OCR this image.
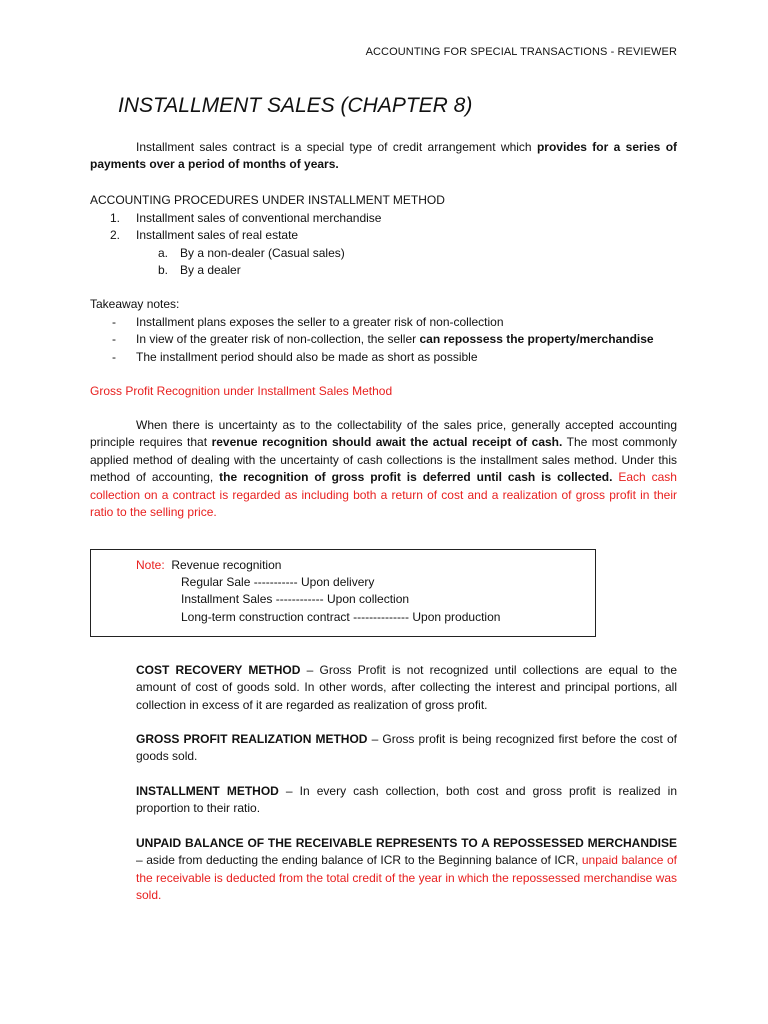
ACCOUNTING FOR SPECIAL TRANSACTIONS - REVIEWER
INSTALLMENT SALES (CHAPTER 8)

Installment sales contract is a special type of credit arrangement which provides for a series of payments over a period of months of years.

ACCOUNTING PROCEDURES UNDER INSTALLMENT METHOD
1. Installment sales of conventional merchandise
2. Installment sales of real estate
a. By a non-dealer (Casual sales)
b. By a dealer
Takeaway notes:
- Installment plans exposes the seller to a greater risk of non-collection
- In view of the greater risk of non-collection, the seller can repossess the property/merchandise
- The installment period should also be made as short as possible
Gross Profit Recognition under Installment Sales Method

When there is uncertainty as to the collectability of the sales price, generally accepted accounting principle requires that revenue recognition should await the actual receipt of cash. The most commonly applied method of dealing with the uncertainty of cash collections is the installment sales method. Under this method of accounting, the recognition of gross profit is deferred until cash is collected. Each cash collection on a contract is regarded as including both a return of cost and a realization of gross profit in their ratio to the selling price.

Note: Revenue recognition
Regular Sale ----------- Upon delivery
Installment Sales ------------ Upon collection
Long-term construction contract -------------- Upon production

COST RECOVERY METHOD – Gross Profit is not recognized until collections are equal to the amount of cost of goods sold. In other words, after collecting the interest and principal portions, all collection in excess of it are regarded as realization of gross profit.

GROSS PROFIT REALIZATION METHOD – Gross profit is being recognized first before the cost of goods sold.

INSTALLMENT METHOD – In every cash collection, both cost and gross profit is realized in proportion to their ratio.

UNPAID BALANCE OF THE RECEIVABLE REPRESENTS TO A REPOSSESSED MERCHANDISE – aside from deducting the ending balance of ICR to the Beginning balance of ICR, unpaid balance of the receivable is deducted from the total credit of the year in which the repossessed merchandise was sold.
